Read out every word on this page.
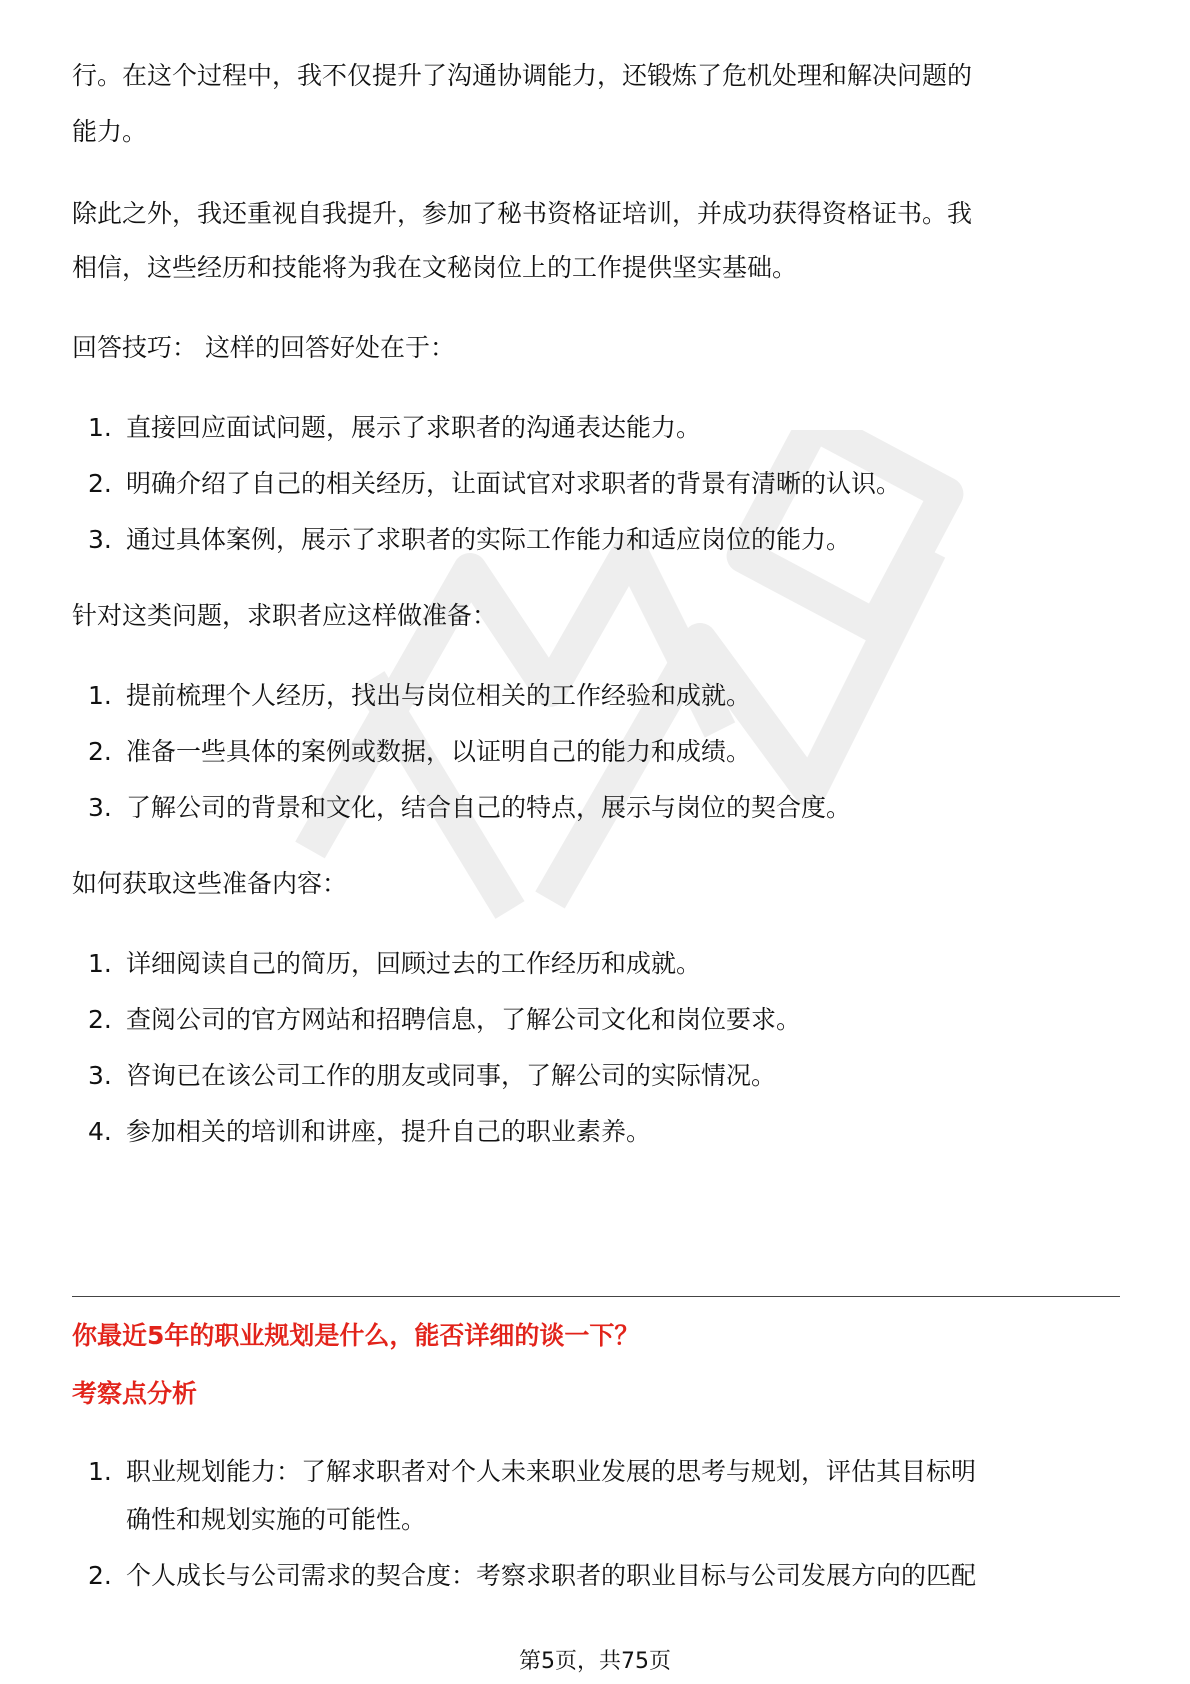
行。在这个过程中，我不仅提升了沟通协调能力，还锻炼了危机处理和解决问题的

能力。

除此之外，我还重视自我提升，参加了秘书资格证培训，并成功获得资格证书。我

相信，这些经历和技能将为我在文秘岗位上的工作提供坚实基础。

回答技巧： 这样的回答好处在于：

1. 直接回应面试问题，展示了求职者的沟通表达能力。
2. 明确介绍了自己的相关经历，让面试官对求职者的背景有清晰的认识。
3. 通过具体案例，展示了求职者的实际工作能力和适应岗位的能力。

针对这类问题，求职者应这样做准备：

1. 提前梳理个人经历，找出与岗位相关的工作经验和成就。
2. 准备一些具体的案例或数据，以证明自己的能力和成绩。
3. 了解公司的背景和文化，结合自己的特点，展示与岗位的契合度。

如何获取这些准备内容：

1. 详细阅读自己的简历，回顾过去的工作经历和成就。
2. 查阅公司的官方网站和招聘信息，了解公司文化和岗位要求。
3. 咨询已在该公司工作的朋友或同事，了解公司的实际情况。
4. 参加相关的培训和讲座，提升自己的职业素养。

你最近5年的职业规划是什么，能否详细的谈一下？

考察点分析

1. 职业规划能力：了解求职者对个人未来职业发展的思考与规划，评估其目标明
确性和规划实施的可能性。
2. 个人成长与公司需求的契合度：考察求职者的职业目标与公司发展方向的匹配
第5页，共75页
